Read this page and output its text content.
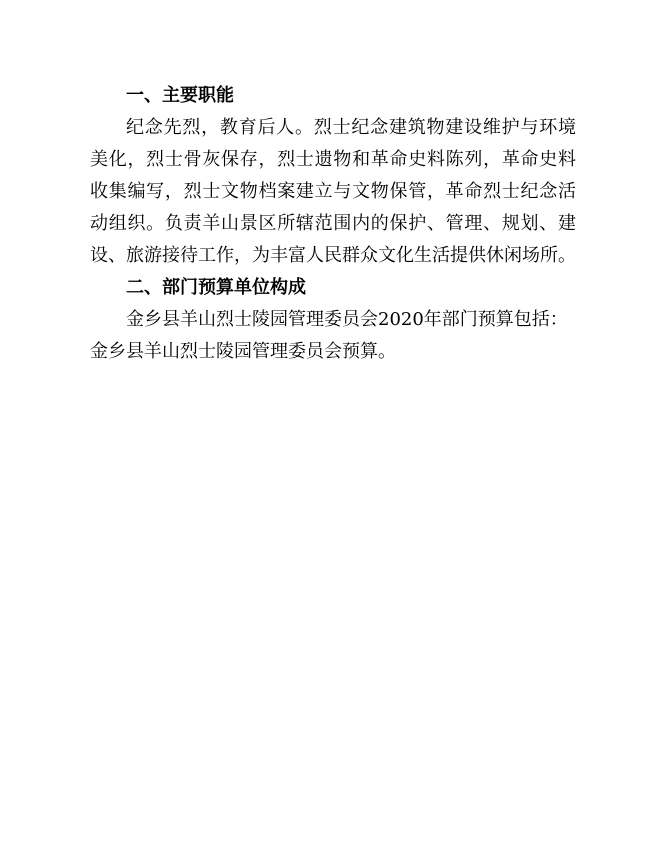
一、主要职能

纪念先烈，教育后人。烈士纪念建筑物建设维护与环境
美化，烈士骨灰保存，烈士遗物和革命史料陈列，革命史料
收集编写，烈士文物档案建立与文物保管，革命烈士纪念活
动组织。负责羊山景区所辖范围内的保护、管理、规划、建
设、旅游接待工作，为丰富人民群众文化生活提供休闲场所。

二、部门预算单位构成

金乡县羊山烈士陵园管理委员会2020年部门预算包括：
金乡县羊山烈士陵园管理委员会预算。
